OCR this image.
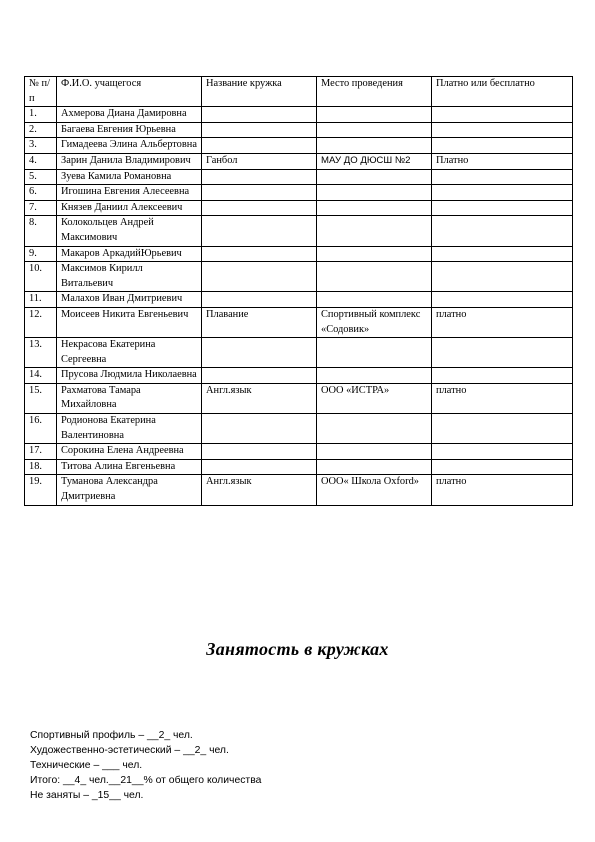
№ п/п	Ф.И.О. учащегося	Название кружка	Место проведения	Платно или бесплатно
1.	Ахмерова Диана Дамировна			
2.	Багаева Евгения Юрьевна			
3.	Гимадеева Элина Альбертовна			
4.	Зарин Данила Владимирович	Ганбол	МАУ ДО ДЮСШ №2	Платно
5.	Зуева Камила Романовна			
6.	Игошина Евгения Алесеевна			
7.	Князев Даниил Алексеевич			
8.	Колокольцев Андрей Максимович			
9.	Макаров АркадийЮрьевич			
10.	Максимов Кирилл Витальевич			
11.	Малахов Иван Дмитриевич			
12.	Моисеев Никита Евгеньевич	Плавание	Спортивный комплекс «Содовик»	платно
13.	Некрасова Екатерина Сергеевна			
14.	Прусова Людмила Николаевна			
15.	Рахматова Тамара Михайловна	Англ.язык	ООО «ИСТРА»	платно
16.	Родионова Екатерина Валентиновна			
17.	Сорокина Елена Андреевна			
18.	Титова Алина Евгеньевна			
19.	Туманова Александра Дмитриевна	Англ.язык	ООО« Школа Oxford»	платно
Занятость в кружках
Спортивный профиль – __2_ чел.
Художественно-эстетический – __2_ чел.
Технические – ___ чел.
Итого: __4_ чел.__21__% от общего количества
Не заняты – _15__ чел.
